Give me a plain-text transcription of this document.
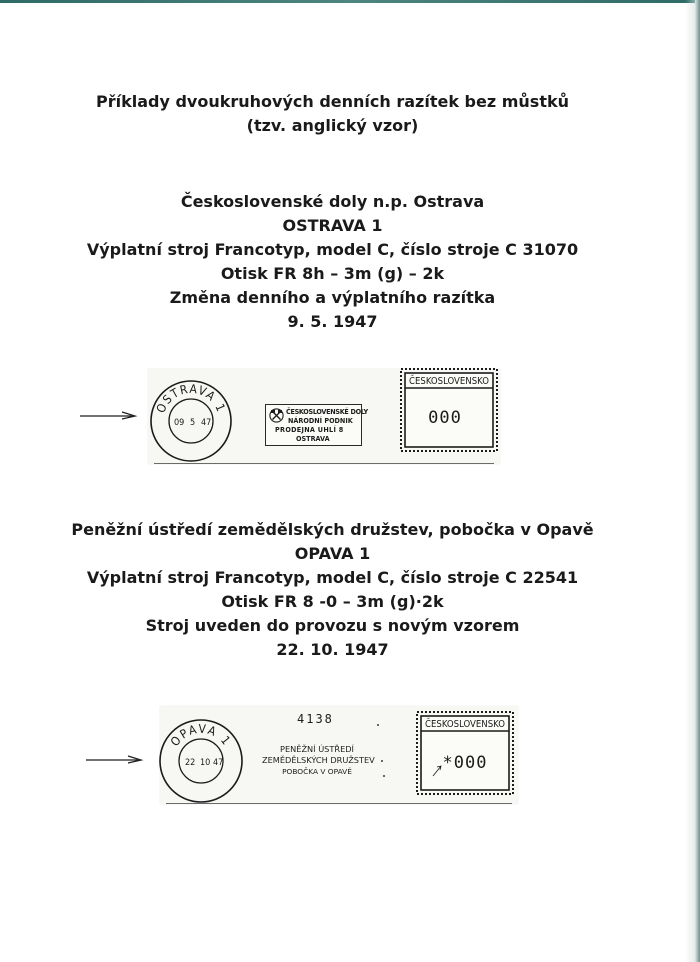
Příklady dvoukruhových denních razítek bez můstků
(tzv. anglický vzor)
Československé doly n.p. Ostrava
OSTRAVA 1
Výplatní stroj Francotyp, model C, číslo stroje C 31070
Otisk FR 8h – 3m (g) – 2k
Změna denního a výplatního razítka
9. 5. 1947
OSTRAVA 1
09 5 47
ČESKOSLOVENSKÉ DOLY
NÁRODNÍ PODNIK
PRODEJNA UHLÍ 8
OSTRAVA
ČESKOSLOVENSKO
000
Peněžní ústředí zemědělských družstev, pobočka v Opavě
OPAVA 1
Výplatní stroj Francotyp, model C, číslo stroje C 22541
Otisk FR 8 -0 – 3m (g)·2k
Stroj uveden do provozu s novým vzorem
22. 10. 1947
OPAVA 1
22 10 47
4138
PENĚŽNÍ ÚSTŘEDÍ
ZEMĚDĚLSKÝCH DRUŽSTEV
POBOČKA V OPAVĚ
ČESKOSLOVENSKO
*000
